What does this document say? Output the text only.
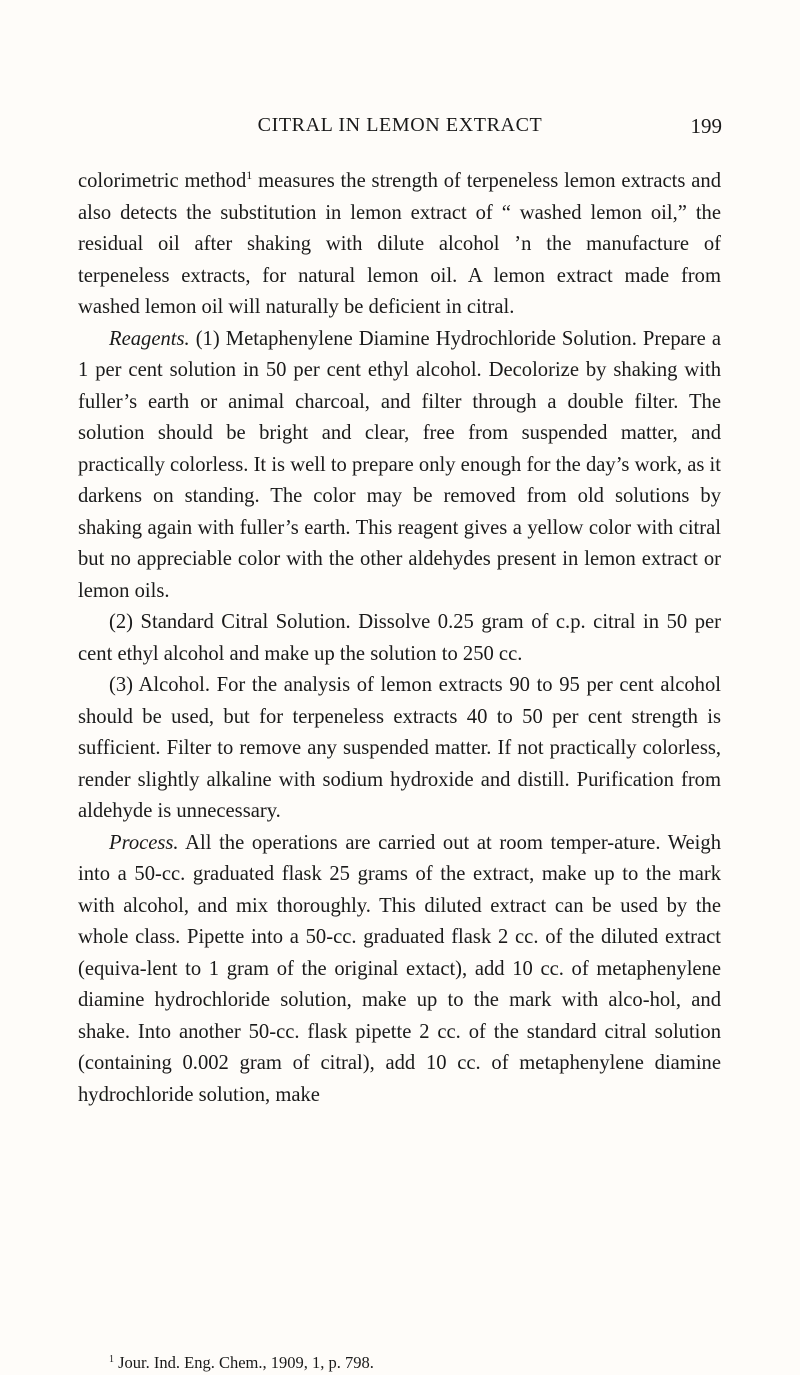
CITRAL IN LEMON EXTRACT	199

colorimetric method$^1$ measures the strength of terpeneless lemon extracts and also detects the substitution in lemon extract of “ washed lemon oil,” the residual oil after shaking with dilute alcohol ʼn the manufacture of terpeneless extracts, for natural lemon oil. A lemon extract made from washed lemon oil will naturally be deficient in citral.

Reagents. (1) Metaphenylene Diamine Hydrochloride Solution. Prepare a 1 per cent solution in 50 per cent ethyl alcohol. Decolorize by shaking with fuller’s earth or animal charcoal, and filter through a double filter. The solution should be bright and clear, free from suspended matter, and practically colorless. It is well to prepare only enough for the day’s work, as it darkens on standing. The color may be removed from old solutions by shaking again with fuller’s earth. This reagent gives a yellow color with citral but no appreciable color with the other aldehydes present in lemon extract or lemon oils.

(2) Standard Citral Solution. Dissolve 0.25 gram of c.p. citral in 50 per cent ethyl alcohol and make up the solution to 250 cc.

(3) Alcohol. For the analysis of lemon extracts 90 to 95 per cent alcohol should be used, but for terpeneless extracts 40 to 50 per cent strength is sufficient. Filter to remove any suspended matter. If not practically colorless, render slightly alkaline with sodium hydroxide and distill. Purification from aldehyde is unnecessary.

Process. All the operations are carried out at room temper-ature. Weigh into a 50-cc. graduated flask 25 grams of the extract, make up to the mark with alcohol, and mix thoroughly. This diluted extract can be used by the whole class. Pipette into a 50-cc. graduated flask 2 cc. of the diluted extract (equiva-lent to 1 gram of the original extact), add 10 cc. of metaphenylene diamine hydrochloride solution, make up to the mark with alco-hol, and shake. Into another 50-cc. flask pipette 2 cc. of the standard citral solution (containing 0.002 gram of citral), add 10 cc. of metaphenylene diamine hydrochloride solution, make

$^1$ Jour. Ind. Eng. Chem., 1909, 1, p. 798.
